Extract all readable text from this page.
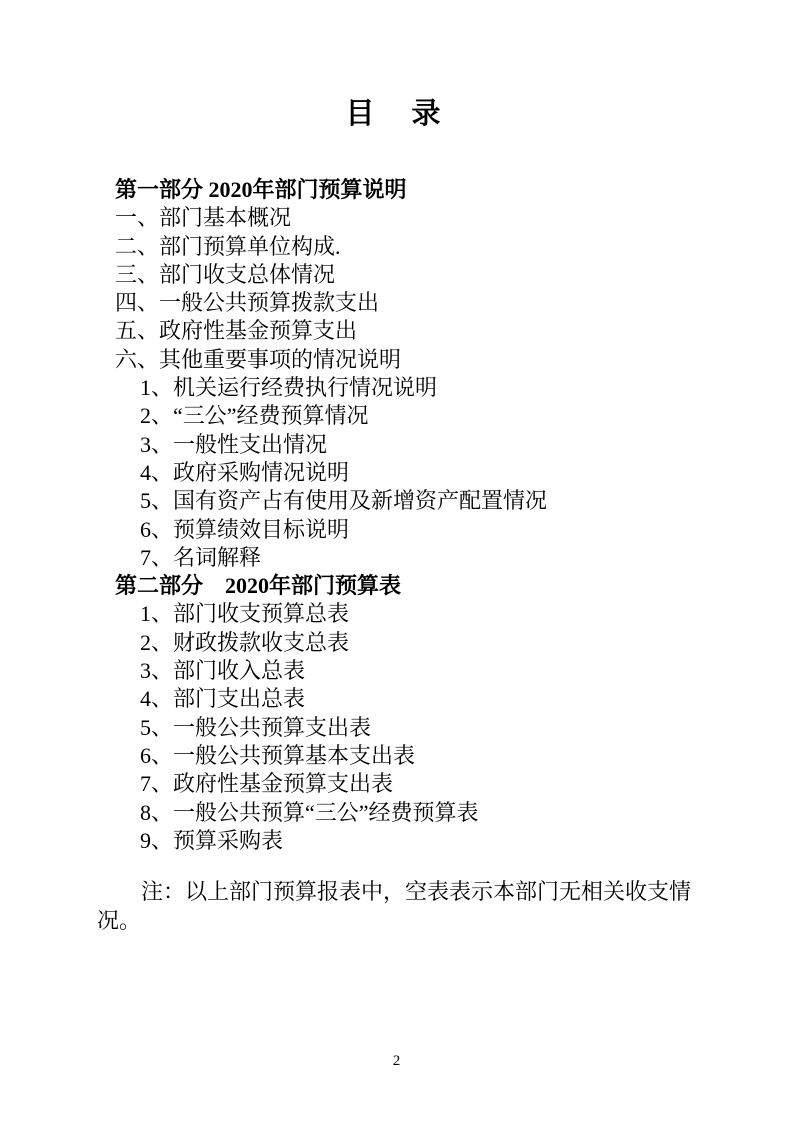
目　录
第一部分 2020年部门预算说明
一、部门基本概况
二、部门预算单位构成.
三、部门收支总体情况
四、一般公共预算拨款支出
五、政府性基金预算支出
六、其他重要事项的情况说明
1、机关运行经费执行情况说明
2、“三公”经费预算情况
3、一般性支出情况
4、政府采购情况说明
5、国有资产占有使用及新增资产配置情况
6、预算绩效目标说明
7、名词解释
第二部分　2020年部门预算表
1、部门收支预算总表
2、财政拨款收支总表
3、部门收入总表
4、部门支出总表
5、一般公共预算支出表
6、一般公共预算基本支出表
7、政府性基金预算支出表
8、一般公共预算“三公”经费预算表
9、预算采购表

注：以上部门预算报表中，空表表示本部门无相关收支情况。

2
